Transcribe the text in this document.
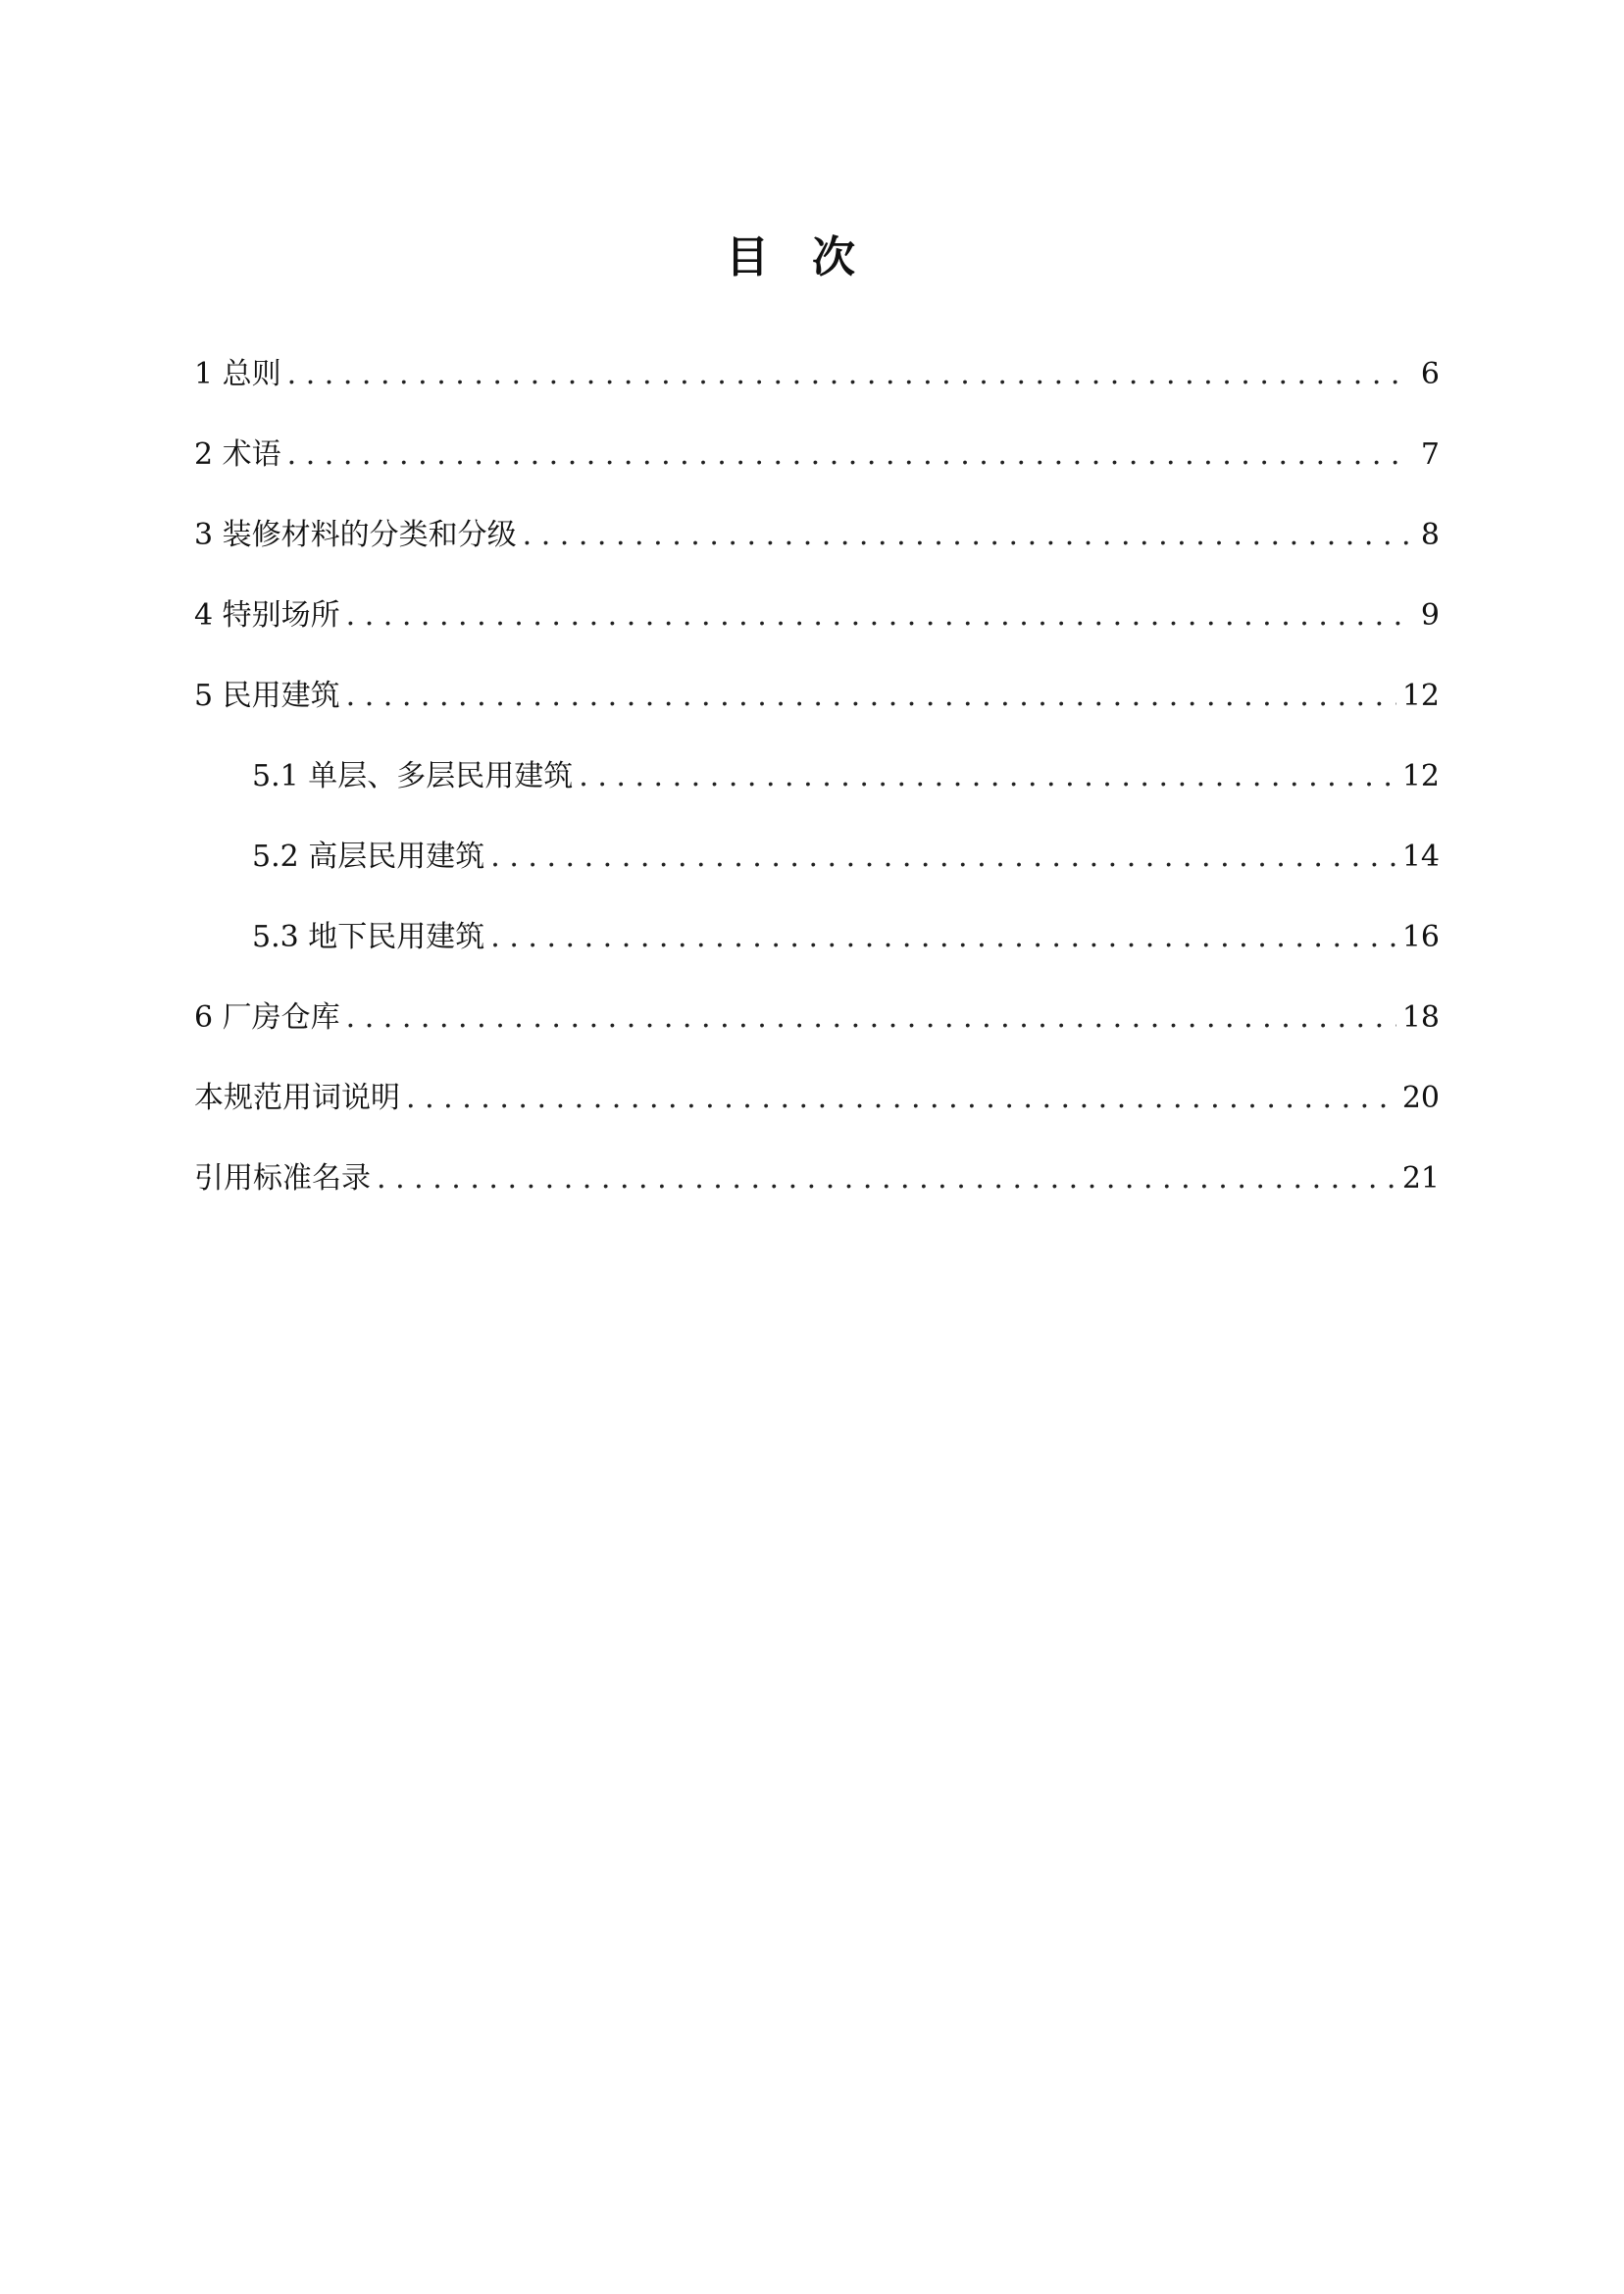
目次
1 总则 . . .	6
2 术语 . . .	7
3 装修材料的分类和分级 . . .	8
4 特别场所 . . .	9
5 民用建筑 . . .	12
5.1 单层、多层民用建筑 . . .	12
5.2 高层民用建筑 . . .	14
5.3 地下民用建筑 . . .	16
6 厂房仓库 . . .	18
本规范用词说明 . . .	20
引用标准名录 . . .	21
